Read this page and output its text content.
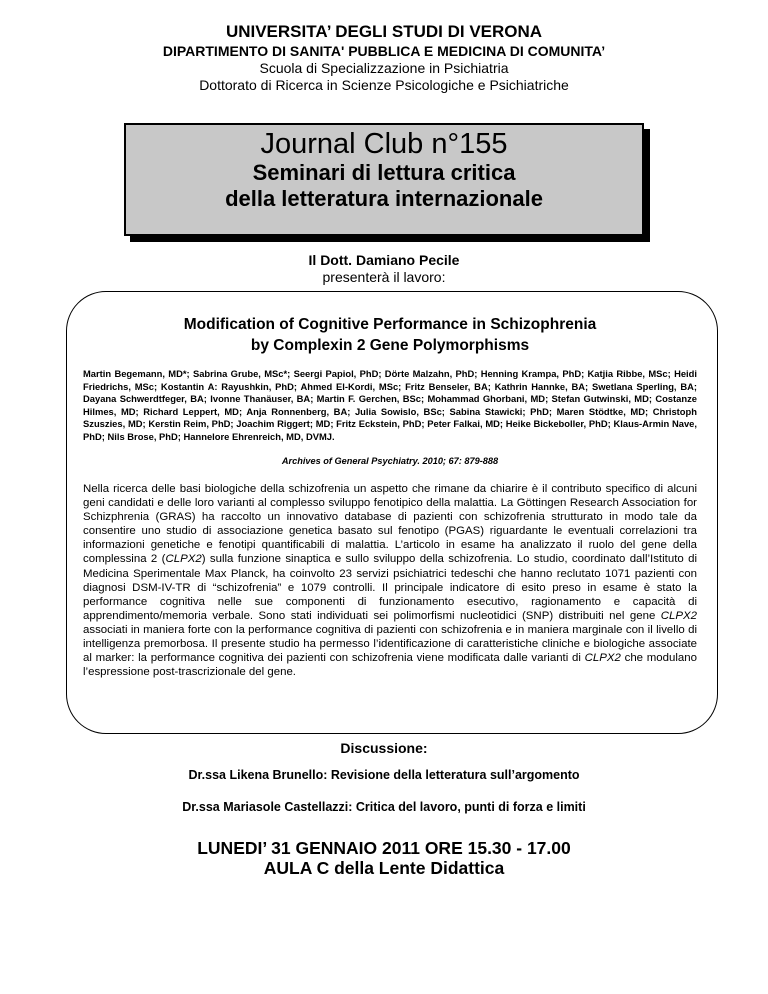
UNIVERSITA’ DEGLI STUDI DI VERONA
DIPARTIMENTO DI SANITA' PUBBLICA E MEDICINA DI COMUNITA’
Scuola di Specializzazione in Psichiatria
Dottorato di Ricerca in Scienze Psicologiche e Psichiatriche
Journal Club n°155
Seminari di lettura critica
della letteratura internazionale
Il Dott. Damiano Pecile
presenterà il lavoro:
Modification of Cognitive Performance in Schizophrenia
by Complexin 2 Gene Polymorphisms
Martin Begemann, MD*; Sabrina Grube, MSc*; Seergi Papiol, PhD; Dörte Malzahn, PhD; Henning Krampa, PhD; Katjia Ribbe, MSc; Heidi Friedrichs, MSc; Kostantin A: Rayushkin, PhD; Ahmed El-Kordi, MSc; Fritz Benseler, BA; Kathrin Hannke, BA; Swetlana Sperling, BA; Dayana Schwerdtfeger, BA; Ivonne Thanäuser, BA; Martin F. Gerchen, BSc; Mohammad Ghorbani, MD; Stefan Gutwinski, MD; Costanze Hilmes, MD; Richard Leppert, MD; Anja Ronnenberg, BA; Julia Sowislo, BSc; Sabina Stawicki; PhD; Maren Stödtke, MD; Christoph Szuszies, MD; Kerstin Reim, PhD; Joachim Riggert; MD; Fritz Eckstein, PhD; Peter Falkai, MD; Heike Bickeboller, PhD; Klaus-Armin Nave, PhD; Nils Brose, PhD; Hannelore Ehrenreich, MD, DVMJ.
Archives of General Psychiatry. 2010; 67: 879-888
Nella ricerca delle basi biologiche della schizofrenia un aspetto che rimane da chiarire è il contributo specifico di alcuni geni candidati e delle loro varianti al complesso sviluppo fenotipico della malattia. La Göttingen Research Association for Schizphrenia (GRAS) ha raccolto un innovativo database di pazienti con schizofrenia strutturato in modo tale da consentire uno studio di associazione genetica basato sul fenotipo (PGAS) riguardante le eventuali correlazioni tra informazioni genetiche e fenotipi quantificabili di malattia. L’articolo in esame ha analizzato il ruolo del gene della complessina 2 (CLPX2) sulla funzione sinaptica e sullo sviluppo della schizofrenia. Lo studio, coordinato dall’Istituto di Medicina Sperimentale Max Planck, ha coinvolto 23 servizi psichiatrici tedeschi che hanno reclutato 1071 pazienti con diagnosi DSM-IV-TR di “schizofrenia” e 1079 controlli. Il principale indicatore di esito preso in esame è stato la performance cognitiva nelle sue componenti di funzionamento esecutivo, ragionamento e capacità di apprendimento/memoria verbale. Sono stati individuati sei polimorfismi nucleotidici (SNP) distribuiti nel gene CLPX2 associati in maniera forte con la performance cognitiva di pazienti con schizofrenia e in maniera marginale con il livello di intelligenza premorbosa. Il presente studio ha permesso l’identificazione di caratteristiche cliniche e biologiche associate al marker: la performance cognitiva dei pazienti con schizofrenia viene modificata dalle varianti di CLPX2 che modulano l’espressione post-trascrizionale del gene.
Discussione:
Dr.ssa Likena Brunello: Revisione della letteratura sull’argomento
Dr.ssa Mariasole Castellazzi: Critica del lavoro, punti di forza e limiti
LUNEDI’ 31 GENNAIO 2011 ORE 15.30 - 17.00
AULA C della Lente Didattica
